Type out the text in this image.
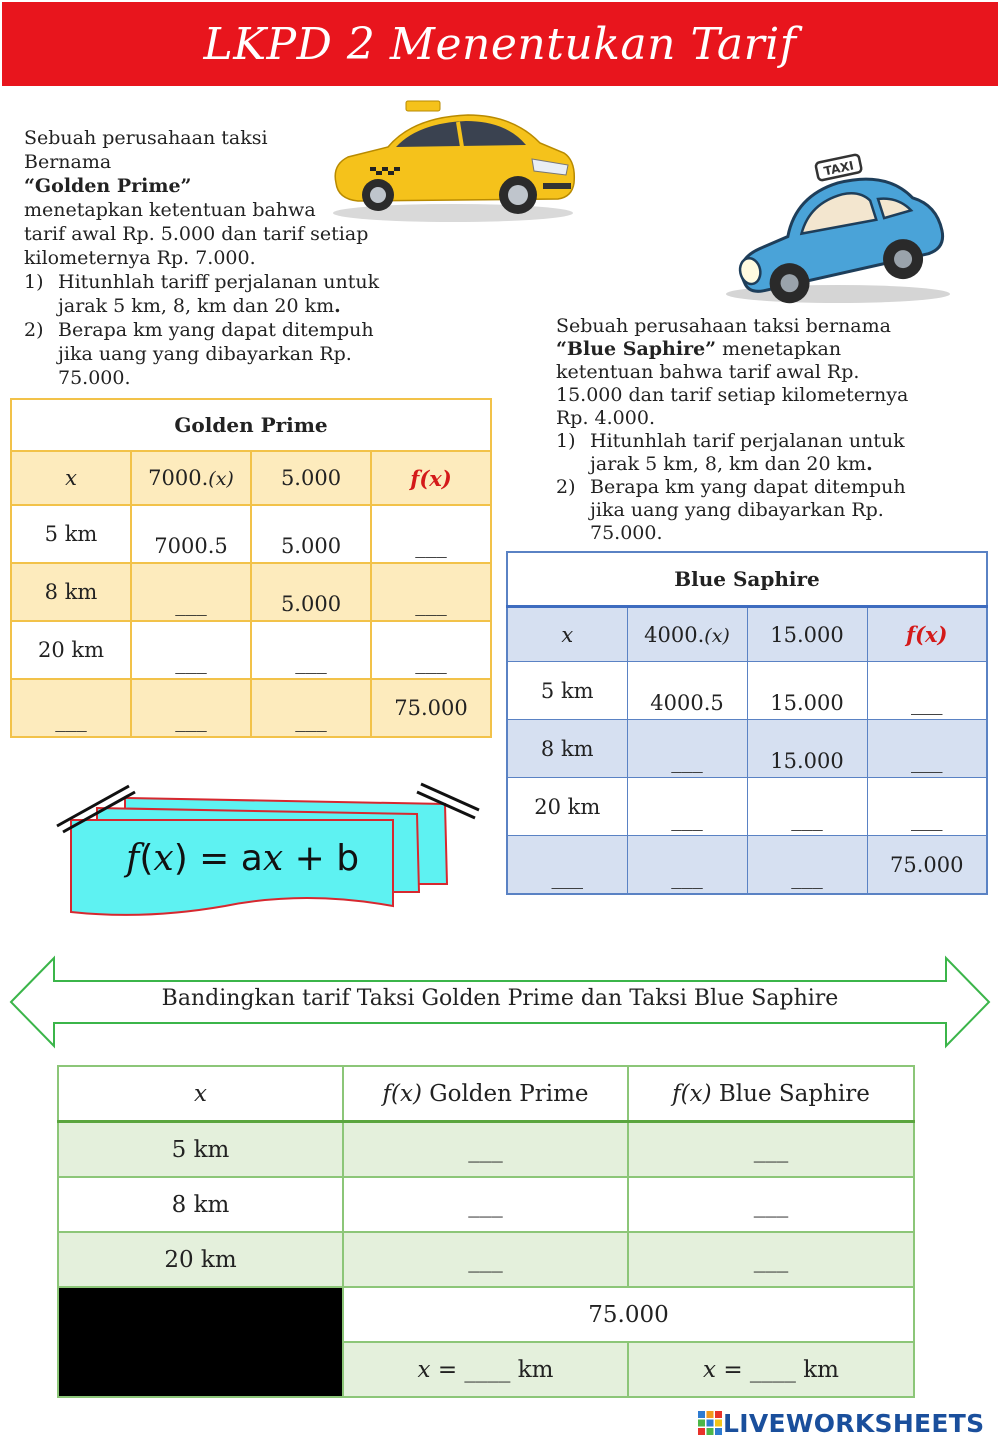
LKPD 2 Menentukan Tarif
Sebuah perusahaan taksi
Bernama
“Golden Prime”
menetapkan ketentuan bahwa
tarif awal Rp. 5.000 dan tarif setiap
kilometernya Rp. 7.000.
1) Hitunhlah tariff perjalanan untuk
jarak 5 km, 8, km dan 20 km.
2) Berapa km yang dapat ditempuh
jika uang yang dibayarkan Rp.
75.000.
TAXI
Sebuah perusahaan taksi bernama
“Blue Saphire” menetapkan
ketentuan bahwa tarif awal Rp.
15.000 dan tarif setiap kilometernya
Rp. 4.000.
1) Hitunhlah tarif perjalanan untuk
jarak 5 km, 8, km dan 20 km.
2) Berapa km yang dapat ditempuh
jika uang yang dibayarkan Rp.
75.000.
Golden Prime			
x	7000.(x)	5.000	f(x)
5 km	7000.5	5.000	___
8 km	___	5.000	___
20 km	___	___	___
___	___	___	75.000
Blue Saphire			
x	4000.(x)	15.000	f(x)
5 km	4000.5	15.000	___
8 km	___	15.000	___
20 km	___	___	___
___	___	___	75.000
f(x) = ax + b
Bandingkan tarif Taksi Golden Prime dan Taksi Blue Saphire
x	f(x) Golden Prime	f(x) Blue Saphire
5 km	___	___
8 km	___	___
20 km	___	___
	75.000	
	x = ____ km	x = ____ km
LIVEWORKSHEETS
